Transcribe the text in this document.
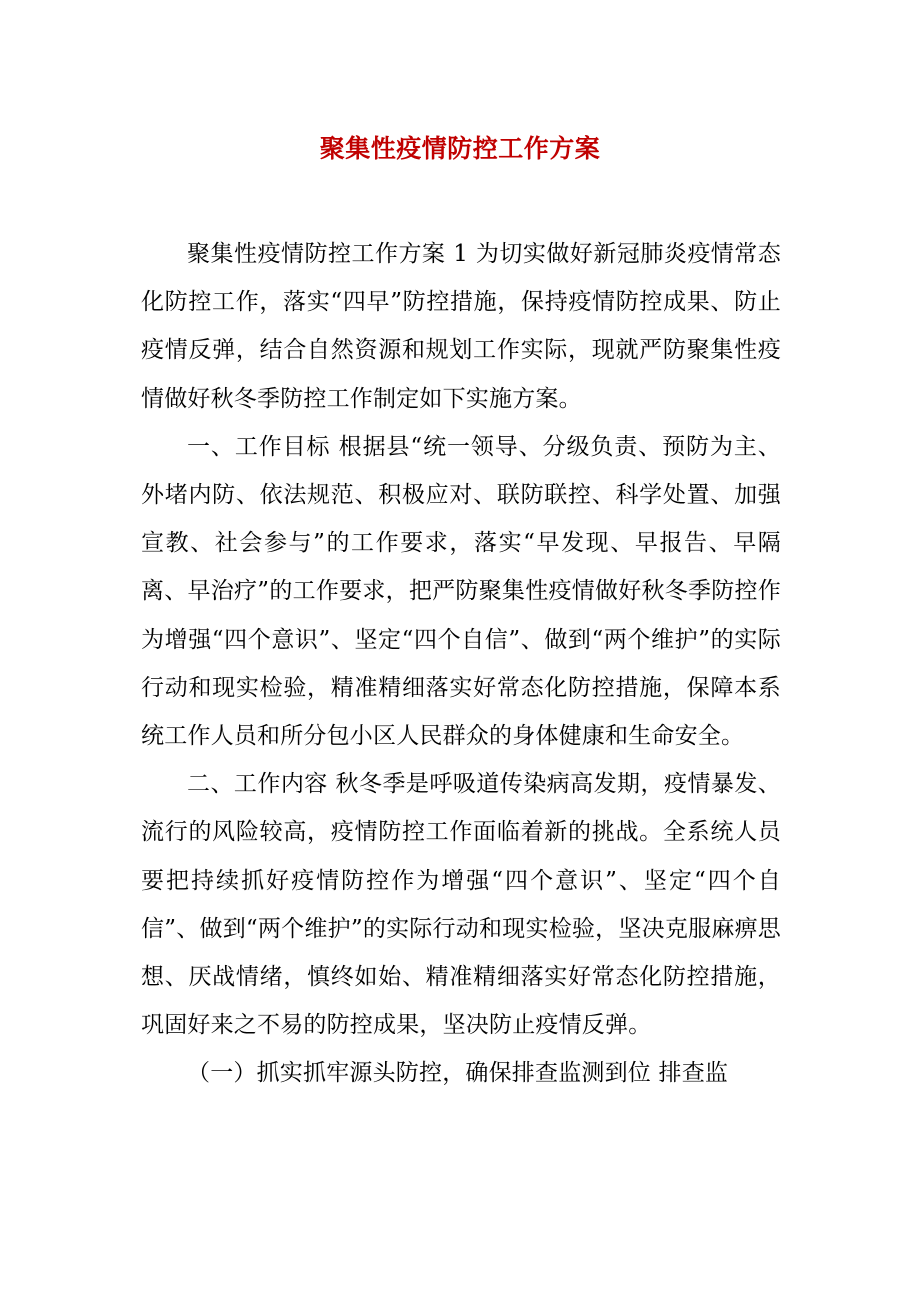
聚集性疫情防控工作方案

聚集性疫情防控工作方案 1 为切实做好新冠肺炎疫情常态化防控工作，落实“四早”防控措施，保持疫情防控成果、防止疫情反弹，结合自然资源和规划工作实际，现就严防聚集性疫情做好秋冬季防控工作制定如下实施方案。

一、工作目标 根据县“统一领导、分级负责、预防为主、外堵内防、依法规范、积极应对、联防联控、科学处置、加强宣教、社会参与”的工作要求，落实“早发现、早报告、早隔离、早治疗”的工作要求，把严防聚集性疫情做好秋冬季防控作为增强“四个意识”、坚定“四个自信”、做到“两个维护”的实际行动和现实检验，精准精细落实好常态化防控措施，保障本系统工作人员和所分包小区人民群众的身体健康和生命安全。

二、工作内容 秋冬季是呼吸道传染病高发期，疫情暴发、流行的风险较高，疫情防控工作面临着新的挑战。全系统人员要把持续抓好疫情防控作为增强“四个意识”、坚定“四个自信”、做到“两个维护”的实际行动和现实检验，坚决克服麻痹思想、厌战情绪，慎终如始、精准精细落实好常态化防控措施，巩固好来之不易的防控成果，坚决防止疫情反弹。

（一）抓实抓牢源头防控，确保排查监测到位 排查监
